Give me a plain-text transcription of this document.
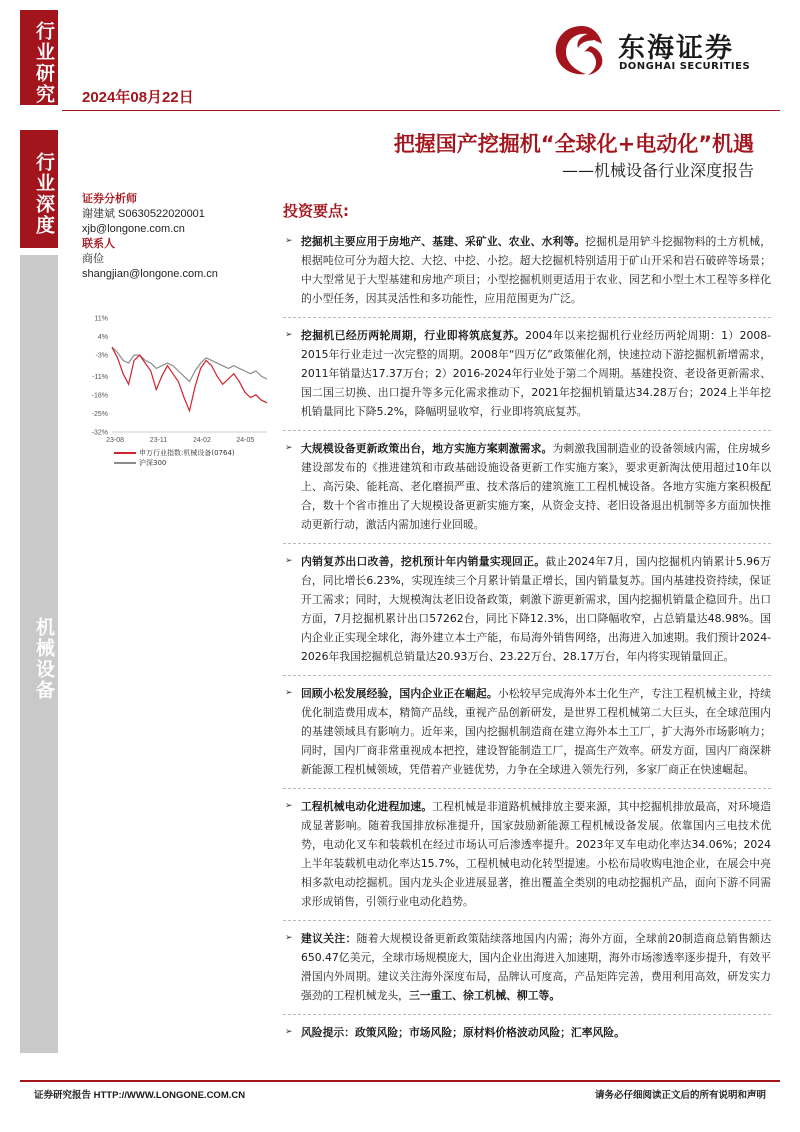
行业研究
行业深度
机械设备
东海证券
DONGHAI SECURITIES
2024年08月22日
把握国产挖掘机“全球化+电动化”机遇
——机械设备行业深度报告
证券分析师
谢建斌 S0630522020001
xjb@longone.com.cn
联系人
商俭
shangjian@longone.com.cn
11%
4%
-3%
-11%
-18%
-25%
-32%
23-08	23-11	24-02	24-05
申万行业指数:机械设备(0764)
沪深300
投资要点:
➢ 挖掘机主要应用于房地产、基建、采矿业、农业、水利等。挖掘机是用铲斗挖掘物料的土方机械，根据吨位可分为超大挖、大挖、中挖、小挖。超大挖掘机特别适用于矿山开采和岩石破碎等场景；中大型常见于大型基建和房地产项目；小型挖掘机则更适用于农业、园艺和小型土木工程等多样化的小型任务，因其灵活性和多功能性，应用范围更为广泛。
➢ 挖掘机已经历两轮周期，行业即将筑底复苏。2004年以来挖掘机行业经历两轮周期：1）2008-2015年行业走过一次完整的周期。2008年“四万亿”政策催化剂，快速拉动下游挖掘机新增需求，2011年销量达17.37万台；2）2016-2024年行业处于第二个周期。基建投资、老设备更新需求、国二国三切换、出口提升等多元化需求推动下，2021年挖掘机销量达34.28万台；2024上半年挖机销量同比下降5.2%，降幅明显收窄，行业即将筑底复苏。
➢ 大规模设备更新政策出台，地方实施方案刺激需求。为刺激我国制造业的设备领域内需，住房城乡建设部发布的《推进建筑和市政基础设施设备更新工作实施方案》，要求更新淘汰使用超过10年以上、高污染、能耗高、老化磨损严重、技术落后的建筑施工工程机械设备。各地方实施方案积极配合，数十个省市推出了大规模设备更新实施方案，从资金支持、老旧设备退出机制等多方面加快推动更新行动，激活内需加速行业回暖。
➢ 内销复苏出口改善，挖机预计年内销量实现回正。截止2024年7月，国内挖掘机内销累计5.96万台，同比增长6.23%，实现连续三个月累计销量正增长，国内销量复苏。国内基建投资持续，保证开工需求；同时，大规模淘汰老旧设备政策，刺激下游更新需求，国内挖掘机销量企稳回升。出口方面，7月挖掘机累计出口57262台，同比下降12.3%，出口降幅收窄，占总销量达48.98%。国内企业正实现全球化，海外建立本土产能，布局海外销售网络，出海进入加速期。我们预计2024-2026年我国挖掘机总销量达20.93万台、23.22万台、28.17万台，年内将实现销量回正。
➢ 回顾小松发展经验，国内企业正在崛起。小松较早完成海外本土化生产，专注工程机械主业，持续优化制造费用成本，精简产品线，重视产品创新研发，是世界工程机械第二大巨头，在全球范围内的基建领域具有影响力。近年来，国内挖掘机制造商在建立海外本土工厂，扩大海外市场影响力；同时，国内厂商非常重视成本把控，建设智能制造工厂，提高生产效率。研发方面，国内厂商深耕新能源工程机械领域，凭借着产业链优势，力争在全球进入领先行列，多家厂商正在快速崛起。
➢ 工程机械电动化进程加速。工程机械是非道路机械排放主要来源，其中挖掘机排放最高，对环境造成显著影响。随着我国排放标准提升，国家鼓励新能源工程机械设备发展。依靠国内三电技术优势，电动化叉车和装载机在经过市场认可后渗透率提升。2023年叉车电动化率达34.06%；2024上半年装载机电动化率达15.7%，工程机械电动化转型提速。小松布局收购电池企业，在展会中亮相多款电动挖掘机。国内龙头企业进展显著，推出覆盖全类别的电动挖掘机产品，面向下游不同需求形成销售，引领行业电动化趋势。
➢ 建议关注：随着大规模设备更新政策陆续落地国内内需；海外方面，全球前20制造商总销售额达650.47亿美元，全球市场规模庞大，国内企业出海进入加速期，海外市场渗透率逐步提升，有效平滑国内外周期。建议关注海外深度布局，品牌认可度高，产品矩阵完善，费用利用高效，研发实力强劲的工程机械龙头，三一重工、徐工机械、柳工等。
➢ 风险提示：政策风险；市场风险；原材料价格波动风险；汇率风险。
证券研究报告 HTTP://WWW.LONGONE.COM.CN	请务必仔细阅读正文后的所有说明和声明
